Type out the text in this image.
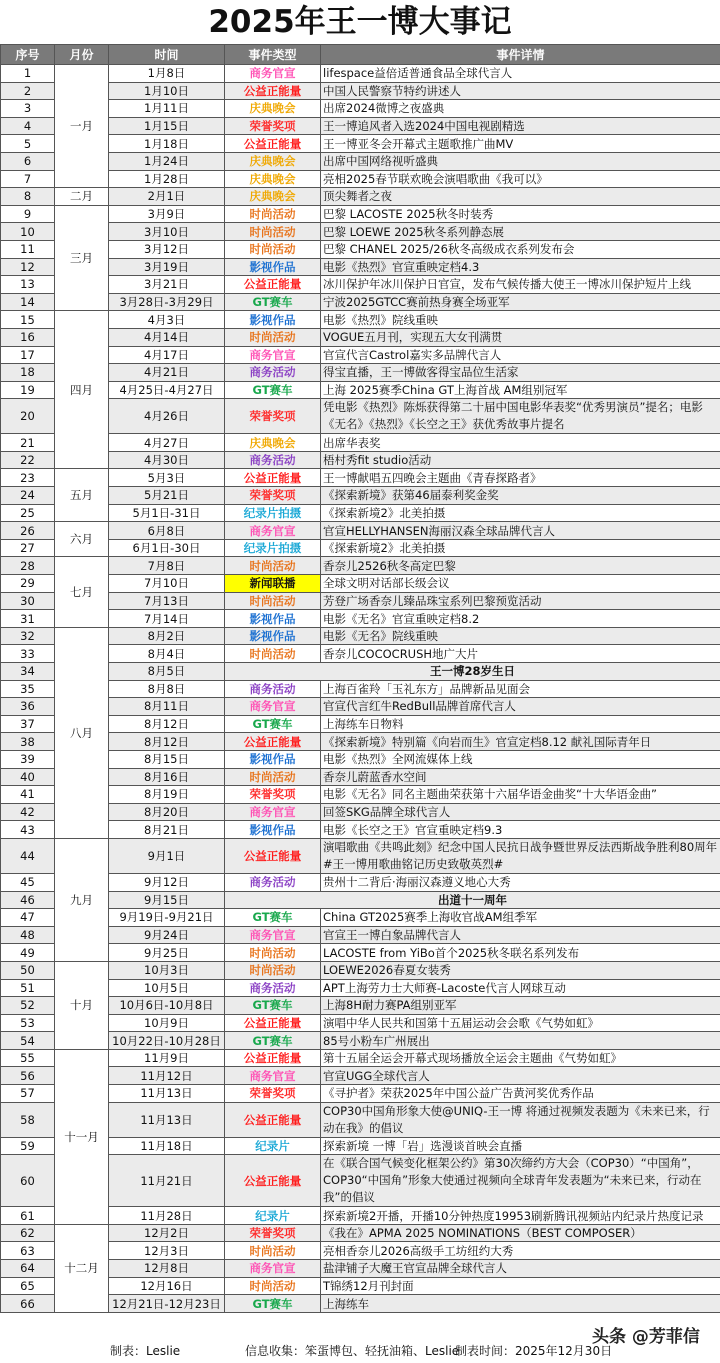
2025年王一博大事记
序号	月份	时间	事件类型	事件详情
1	一月	1月8日	商务官宣	lifespace益倍适普通食品全球代言人
2		1月10日	公益正能量	中国人民警察节特约讲述人
3		1月11日	庆典晚会	出席2024微博之夜盛典
4		1月15日	荣誉奖项	王一博追风者入选2024中国电视剧精选
5		1月18日	公益正能量	王一博亚冬会开幕式主题歌推广曲MV
6		1月24日	庆典晚会	出席中国网络视听盛典
7		1月28日	庆典晚会	亮相2025春节联欢晚会演唱歌曲《我可以》
8	二月	2月1日	庆典晚会	顶尖舞者之夜
9	三月	3月9日	时尚活动	巴黎 LACOSTE 2025秋冬时装秀
10		3月10日	时尚活动	巴黎 LOEWE 2025秋冬系列静态展
11		3月12日	时尚活动	巴黎 CHANEL 2025/26秋冬高级成衣系列发布会
12		3月19日	影视作品	电影《热烈》官宣重映定档4.3
13		3月21日	公益正能量	冰川保护年冰川保护日官宣，发布气候传播大使王一博冰川保护短片上线
14		3月28日-3月29日	GT赛车	宁波2025GTCC赛前热身赛全场亚军
15	四月	4月3日	影视作品	电影《热烈》院线重映
16		4月14日	时尚活动	VOGUE五月刊，实现五大女刊满贯
17		4月17日	商务官宣	官宣代言Castrol嘉实多品牌代言人
18		4月21日	商务活动	得宝直播，王一博做客得宝品位生活家
19		4月25日-4月27日	GT赛车	上海 2025赛季China GT上海首战 AM组别冠军
20		4月26日	荣誉奖项	凭电影《热烈》陈烁获得第二十届中国电影华表奖“优秀男演员”提名；电影《无名》《热烈》《长空之王》获优秀故事片提名
21		4月27日	庆典晚会	出席华表奖
22		4月30日	商务活动	梧村秀fit studio活动
23	五月	5月3日	公益正能量	王一博献唱五四晚会主题曲《青春探路者》
24		5月21日	荣誉奖项	《探索新境》获第46届泰利奖金奖
25		5月1日-31日	纪录片拍摄	《探索新境2》北美拍摄
26	六月	6月8日	商务官宣	官宣HELLYHANSEN海丽汉森全球品牌代言人
27		6月1日-30日	纪录片拍摄	《探索新境2》北美拍摄
28	七月	7月8日	时尚活动	香奈儿2526秋冬高定巴黎
29		7月10日	新闻联播	全球文明对话部长级会议
30		7月13日	时尚活动	芳登广场香奈儿臻品珠宝系列巴黎预览活动
31		7月14日	影视作品	电影《无名》官宣重映定档8.2
32	八月	8月2日	影视作品	电影《无名》院线重映
33		8月4日	时尚活动	香奈儿COCOCRUSH地广大片
34		8月5日	王一博28岁生日	
35		8月8日	商务活动	上海百雀羚「玉礼东方」品牌新品见面会
36		8月11日	商务官宣	官宣代言红牛RedBull品牌首席代言人
37		8月12日	GT赛车	上海练车日物料
38		8月12日	公益正能量	《探索新境》特别篇《向岩而生》官宣定档8.12 献礼国际青年日
39		8月15日	影视作品	电影《热烈》全网流媒体上线
40		8月16日	时尚活动	香奈儿蔚蓝香水空间
41		8月19日	荣誉奖项	电影《无名》同名主题曲荣获第十六届华语金曲奖“十大华语金曲”
42		8月20日	商务官宣	回签SKG品牌全球代言人
43		8月21日	影视作品	电影《长空之王》官宣重映定档9.3
44	九月	9月1日	公益正能量	演唱歌曲《共鸣此刻》纪念中国人民抗日战争暨世界反法西斯战争胜利80周年 #王一博用歌曲铭记历史致敬英烈#
45		9月12日	商务活动	贵州十二背后·海丽汉森遵义地心大秀
46		9月15日	出道十一周年	
47		9月19日-9月21日	GT赛车	China GT2025赛季上海收官战AM组季军
48		9月24日	商务官宣	官宣王一博白象品牌代言人
49		9月25日	时尚活动	LACOSTE from YiBo首个2025秋冬联名系列发布
50	十月	10月3日	时尚活动	LOEWE2026春夏女装秀
51		10月5日	商务活动	APT上海劳力士大师赛-Lacoste代言人网球互动
52		10月6日-10月8日	GT赛车	上海8H耐力赛PA组别亚军
53		10月9日	公益正能量	演唱中华人民共和国第十五届运动会会歌《气势如虹》
54		10月22日-10月28日	GT赛车	85号小粉车广州展出
55	十一月	11月9日	公益正能量	第十五届全运会开幕式现场播放全运会主题曲《气势如虹》
56		11月12日	商务官宣	官宣UGG全球代言人
57		11月13日	荣誉奖项	《寻护者》荣获2025年中国公益广告黄河奖优秀作品
58		11月13日	公益正能量	COP30中国角形象大使@UNIQ-王一博 将通过视频发表题为《未来已来，行动在我》的倡议
59		11月18日	纪录片	探索新境 一博「岩」选漫谈首映会直播
60		11月21日	公益正能量	在《联合国气候变化框架公约》第30次缔约方大会（COP30）“中国角”，COP30“中国角”形象大使通过视频向全球青年发表题为“未来已来，行动在我”的倡议
61		11月28日	纪录片	探索新境2开播，开播10分钟热度19953刷新腾讯视频站内纪录片热度记录
62	十二月	12月2日	荣誉奖项	《我在》APMA 2025 NOMINATIONS（BEST COMPOSER）
63		12月3日	时尚活动	亮相香奈儿2026高级手工坊纽约大秀
64		12月8日	商务官宣	盐津铺子大魔王官宣品牌全球代言人
65		12月16日	时尚活动	T锦绣12月刊封面
66		12月21日-12月23日	GT赛车	上海练车
制表：Leslie	信息收集：笨蛋博包、轻抚油箱、Leslie
制表时间：2025年12月30日
头条 @芳菲信
